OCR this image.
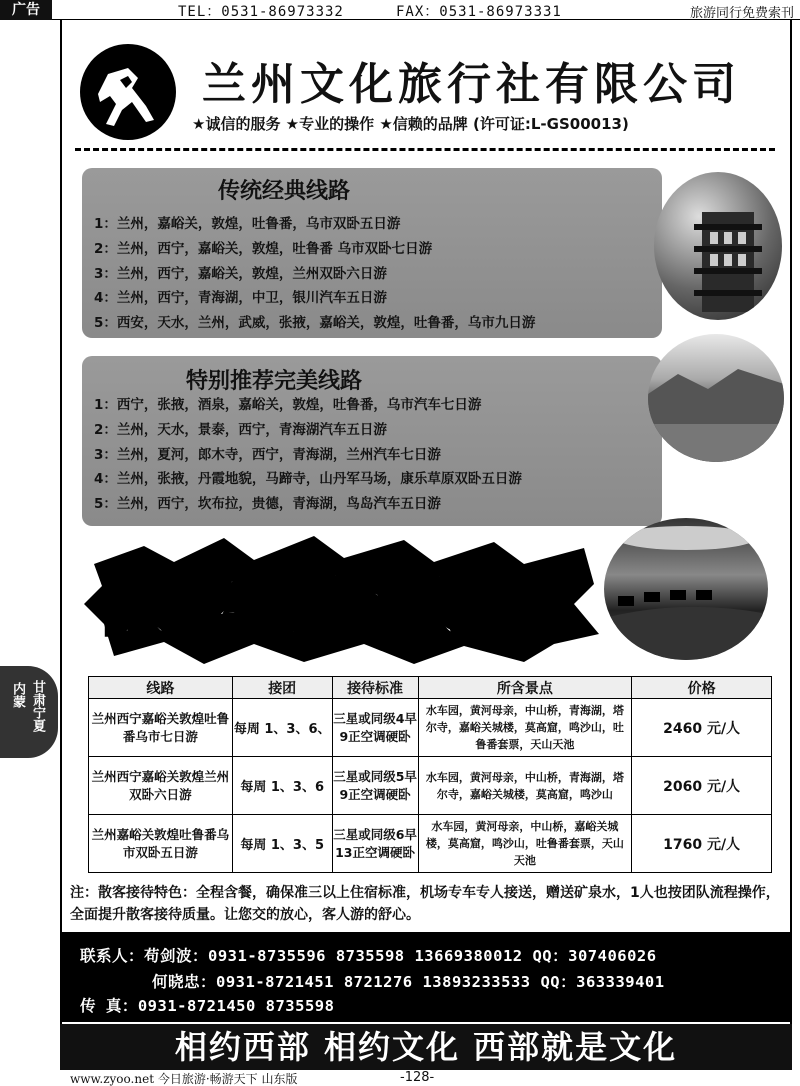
广告	TEL：0531-86973332	FAX：0531-86973331	旅游同行免费索刊
兰州文化旅行社有限公司
★诚信的服务 ★专业的操作 ★信赖的品牌 (许可证:L-GS00013)
传统经典线路
1：兰州，嘉峪关，敦煌，吐鲁番，乌市双卧五日游
2：兰州，西宁，嘉峪关，敦煌，吐鲁番 乌市双卧七日游
3：兰州，西宁，嘉峪关，敦煌，兰州双卧六日游
4：兰州，西宁，青海湖，中卫，银川汽车五日游
5：西安，天水，兰州，武威，张掖，嘉峪关，敦煌，吐鲁番，乌市九日游
特别推荐完美线路
1：西宁，张掖，酒泉，嘉峪关，敦煌，吐鲁番，乌市汽车七日游
2：兰州，天水，景泰，西宁，青海湖汽车五日游
3：兰州，夏河，郎木寺，西宁，青海湖，兰州汽车七日游
4：兰州，张掖，丹霞地貌，马蹄寺，山丹军马场，康乐草原双卧五日游
5：兰州，西宁，坎布拉，贵德，青海湖，鸟岛汽车五日游
散客特价风暴
线路	接团	接待标准	所含景点	价格
兰州西宁嘉峪关敦煌吐鲁番乌市七日游	每周 1、3、6、	三星或同级4早9正空调硬卧	水车园，黄河母亲，中山桥，青海湖，塔尔寺，嘉峪关城楼，莫高窟，鸣沙山，吐鲁番套票，天山天池	2460 元/人
兰州西宁嘉峪关敦煌兰州双卧六日游	每周 1、3、6	三星或同级5早9正空调硬卧	水车园，黄河母亲，中山桥，青海湖，塔尔寺，嘉峪关城楼，莫高窟，鸣沙山	2060 元/人
兰州嘉峪关敦煌吐鲁番乌市双卧五日游	每周 1、3、5	三星或同级6早13正空调硬卧	水车园，黄河母亲，中山桥，嘉峪关城楼，莫高窟，鸣沙山，吐鲁番套票，天山天池	1760 元/人
注：散客接待特色：全程含餐，确保准三以上住宿标准，机场专车专人接送，赠送矿泉水，1人也按团队流程操作，全面提升散客接待质量。让您交的放心，客人游的舒心。
联系人：苟剑波：0931-8735596 8735598 13669380012 QQ：307406026
何晓忠：0931-8721451 8721276 13893233533 QQ：363339401
传 真：0931-8721450 8735598
相约西部 相约文化 西部就是文化
www.zyoo.net 今日旅游·畅游天下 山东版	-128-
甘肃宁夏
内蒙
